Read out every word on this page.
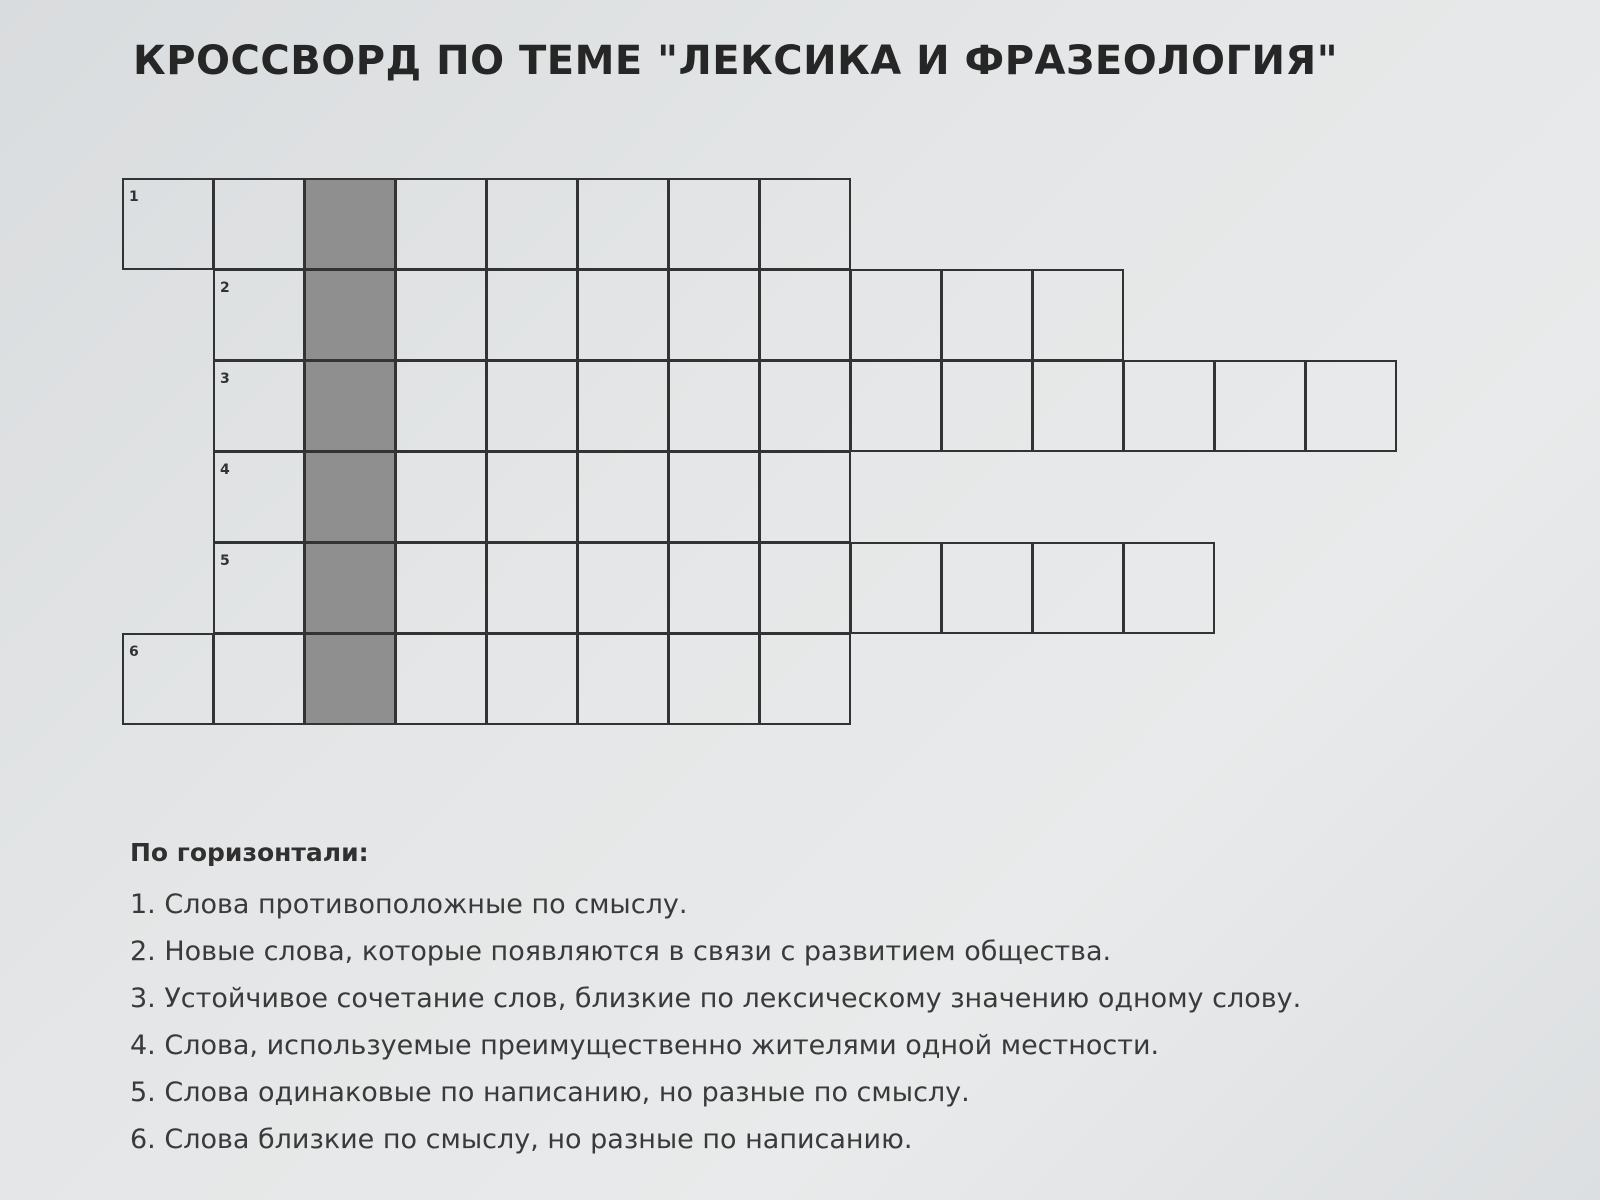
КРОССВОРД ПО ТЕМЕ "ЛЕКСИКА И ФРАЗЕОЛОГИЯ"
1
2
3
4
5
6
По горизонтали:
1. Слова противоположные по смыслу.
2. Новые слова, которые появляются в связи с развитием общества.
3. Устойчивое сочетание слов, близкие по лексическому значению одному слову.
4. Слова, используемые преимущественно жителями одной местности.
5. Слова одинаковые по написанию, но разные по смыслу.
6. Слова близкие по смыслу, но разные по написанию.
